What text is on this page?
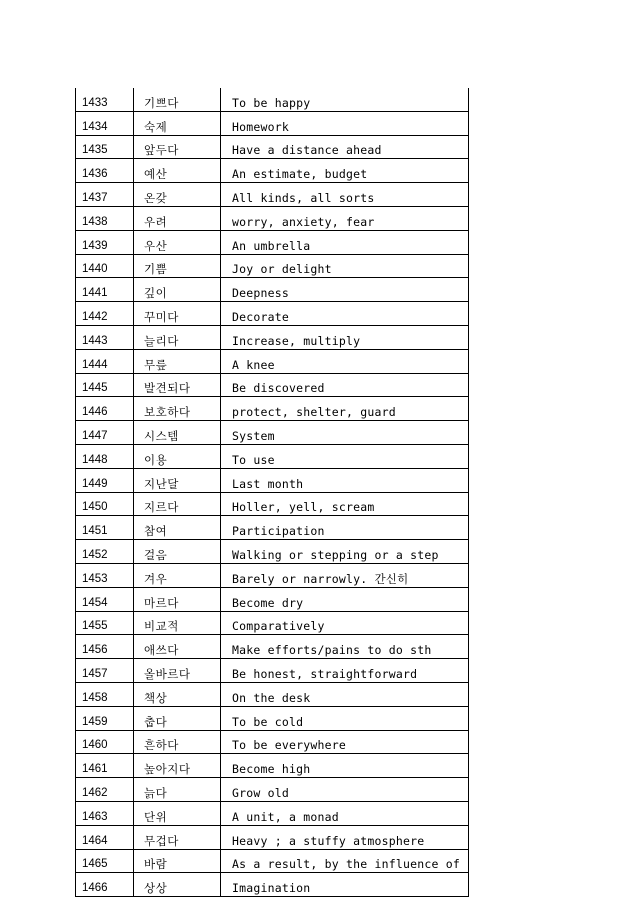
1433	기쁘다	To be happy
1434	숙제	Homework
1435	앞두다	Have a distance ahead
1436	예산	An estimate, budget
1437	온갖	All kinds, all sorts
1438	우려	worry, anxiety, fear
1439	우산	An umbrella
1440	기쁨	Joy or delight
1441	깊이	Deepness
1442	꾸미다	Decorate
1443	늘리다	Increase, multiply
1444	무릎	A knee
1445	발견되다	Be discovered
1446	보호하다	protect, shelter, guard
1447	시스템	System
1448	이용	To use
1449	지난달	Last month
1450	지르다	Holler, yell, scream
1451	참여	Participation
1452	걸음	Walking or stepping or a step
1453	겨우	Barely or narrowly. 간신히
1454	마르다	Become dry
1455	비교적	Comparatively
1456	애쓰다	Make efforts/pains to do sth
1457	올바르다	Be honest, straightforward
1458	책상	On the desk
1459	춥다	To be cold
1460	흔하다	To be everywhere
1461	높아지다	Become high
1462	늙다	Grow old
1463	단위	A unit, a monad
1464	무겁다	Heavy ; a stuffy atmosphere
1465	바람	As a result, by the influence of
1466	상상	Imagination
